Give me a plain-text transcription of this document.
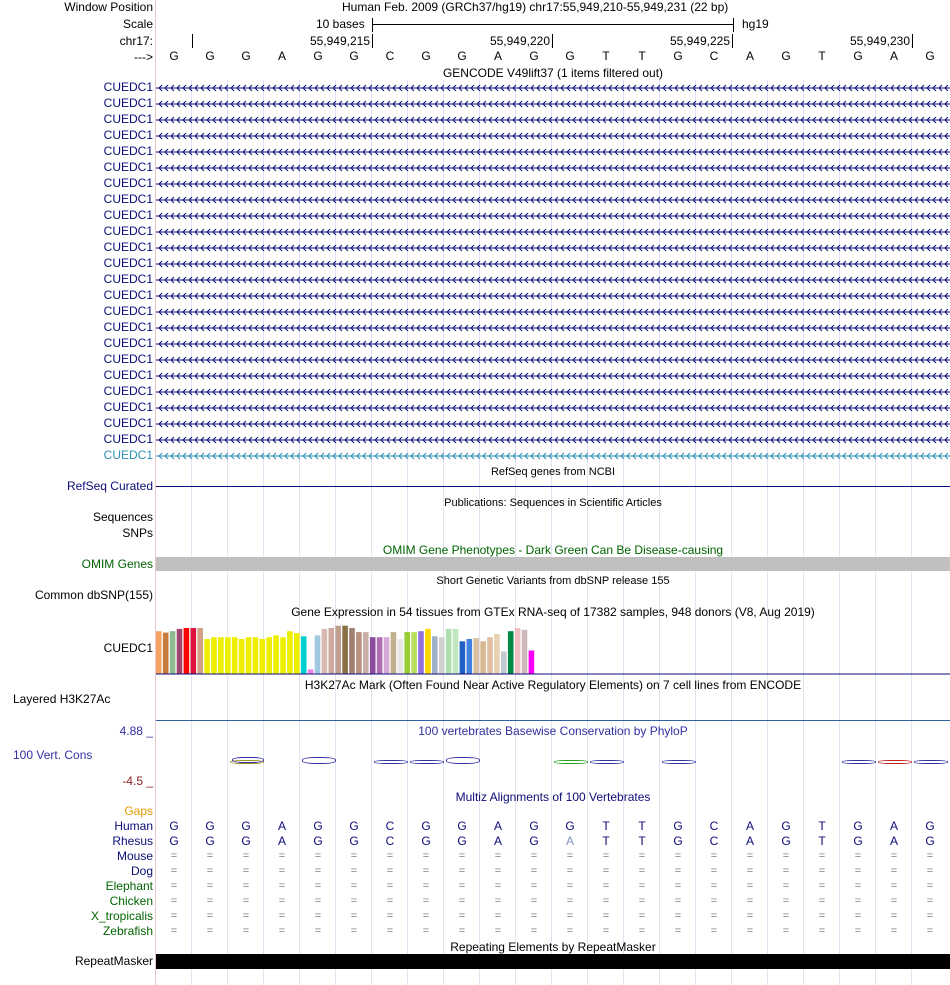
Window Position	Human Feb. 2009 (GRCh37/hg19) chr17:55,949,210-55,949,231 (22 bp)
Scale	10 bases	hg19
chr17:	55,949,215	55,949,220	55,949,225	55,949,230
--->	G	G	G	A	G	G	C	G	G	A	G	G	T	T	G	C	A	G	T	G	A	G
GENCODE V49lift37 (1 items filtered out)
CUEDC1
CUEDC1
CUEDC1
CUEDC1
CUEDC1
CUEDC1
CUEDC1
CUEDC1
CUEDC1
CUEDC1
CUEDC1
CUEDC1
CUEDC1
CUEDC1
CUEDC1
CUEDC1
CUEDC1
CUEDC1
CUEDC1
CUEDC1
CUEDC1
CUEDC1
CUEDC1
CUEDC1
RefSeq genes from NCBI
RefSeq Curated
Publications: Sequences in Scientific Articles
Sequences
SNPs
OMIM Gene Phenotypes - Dark Green Can Be Disease-causing
OMIM Genes
Short Genetic Variants from dbSNP release 155
Common dbSNP(155)
Gene Expression in 54 tissues from GTEx RNA-seq of 17382 samples, 948 donors (V8, Aug 2019)
CUEDC1
H3K27Ac Mark (Often Found Near Active Regulatory Elements) on 7 cell lines from ENCODE
Layered H3K27Ac
100 vertebrates Basewise Conservation by PhyloP
4.88 _
100 Vert. Cons
-4.5 _
Multiz Alignments of 100 Vertebrates
Gaps
Human	G	G	G	A	G	G	C	G	G	A	G	G	T	T	G	C	A	G	T	G	A	G
Rhesus	G	G	G	A	G	G	C	G	G	A	G	A	T	T	G	C	A	G	T	G	A	G
Mouse	=	=	=	=	=	=	=	=	=	=	=	=	=	=	=	=	=	=	=	=	=	=
Dog	=	=	=	=	=	=	=	=	=	=	=	=	=	=	=	=	=	=	=	=	=	=
Elephant	=	=	=	=	=	=	=	=	=	=	=	=	=	=	=	=	=	=	=	=	=	=
Chicken	=	=	=	=	=	=	=	=	=	=	=	=	=	=	=	=	=	=	=	=	=	=
X_tropicalis	=	=	=	=	=	=	=	=	=	=	=	=	=	=	=	=	=	=	=	=	=	=
Zebrafish	=	=	=	=	=	=	=	=	=	=	=	=	=	=	=	=	=	=	=	=	=	=
Repeating Elements by RepeatMasker
RepeatMasker
